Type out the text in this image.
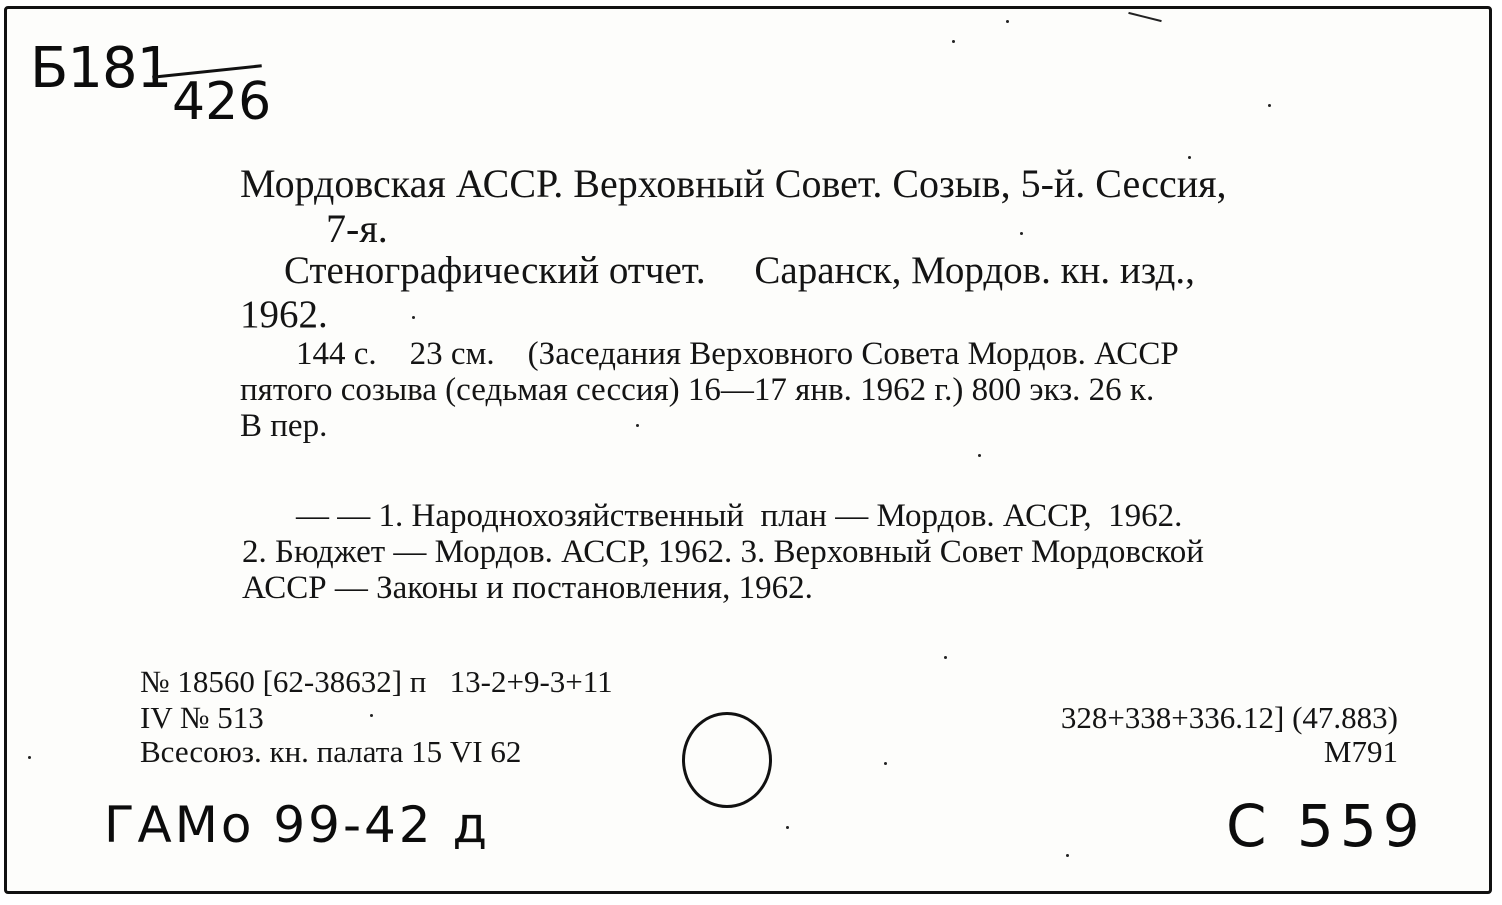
Б181
426
Мордовская АССР. Верховный Совет. Созыв, 5-й. Сессия,
7-я.
Стенографический отчет.     Саранск, Мордов. кн. изд.,
1962.
144 с.    23 см.    (Заседания Верховного Совета Мордов. АССР
пятого созыва (седьмая сессия) 16—17 янв. 1962 г.) 800 экз. 26 к.
В пер.
— — 1. Народнохозяйственный  план — Мордов. АССР,  1962.
2. Бюджет — Мордов. АССР, 1962. 3. Верховный Совет Мордовской
АССР — Законы и постановления, 1962.
№ 18560 [62-38632] п   13-2+9-3+11
IV № 513
Всесоюз. кн. палата 15 VI 62
328+338+336.12] (47.883)
М791
ГАМо 99-42 д	С 559
